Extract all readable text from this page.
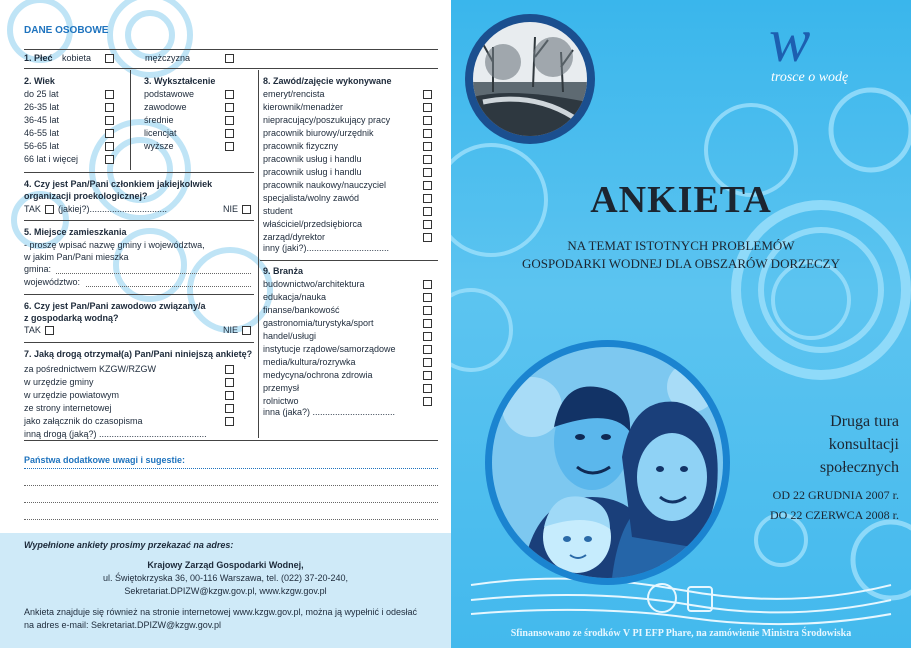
DANE OSOBOWE
1. Płeć kobieta	mężczyzna
2. Wiek
do 25 lat
26-35 lat
36-45 lat
46-55 lat
56-65 lat
66 lat i więcej
3. Wykształcenie
podstawowe
zawodowe
średnie
licencjat
wyższe
4. Czy jest Pan/Pani członkiem jakiejkolwiek
organizacji proekologicznej?
TAK (jakiej?)...............................	NIE
5. Miejsce zamieszkania
- proszę wpisać nazwę gminy i województwa,
w jakim Pan/Pani mieszka
gmina:
województwo:
6. Czy jest Pan/Pani zawodowo związany/a
z gospodarką wodną?
TAK	NIE
7. Jaką drogą otrzymał(a) Pan/Pani niniejszą ankietę?
za pośrednictwem KZGW/RZGW
w urzędzie gminy
w urzędzie powiatowym
ze strony internetowej
jako załącznik do czasopisma
inną drogą (jaką?) ...........................................
8. Zawód/zajęcie wykonywane
emeryt/rencista
kierownik/menadżer
niepracujący/poszukujący pracy
pracownik biurowy/urzędnik
pracownik fizyczny
pracownik usług i handlu
pracownik usług i handlu
pracownik naukowy/nauczyciel
specjalista/wolny zawód
student
właściciel/przedsiębiorca
zarząd/dyrektor
inny (jaki?).................................
9. Branża
budownictwo/architektura
edukacja/nauka
finanse/bankowość
gastronomia/turystyka/sport
handel/usługi
instytucje rządowe/samorządowe
media/kultura/rozrywka
medycyna/ochrona zdrowia
przemysł
rolnictwo
inna (jaka?) .................................
Państwa dodatkowe uwagi i sugestie:
Wypełnione ankiety prosimy przekazać na adres:
Krajowy Zarząd Gospodarki Wodnej,
ul. Świętokrzyska 36, 00-116 Warszawa, tel. (022) 37-20-240,
Sekretariat.DPIZW@kzgw.gov.pl, www.kzgw.gov.pl
Ankieta znajduje się również na stronie internetowej www.kzgw.gov.pl, można ją wypełnić i odesłać
na adres e-mail: Sekretariat.DPIZW@kzgw.gov.pl
w
trosce o wodę
ANKIETA
NA TEMAT ISTOTNYCH PROBLEMÓW
GOSPODARKI WODNEJ DLA OBSZARÓW DORZECZY
Druga tura
konsultacji
społecznych
OD 22 GRUDNIA 2007 r.
DO 22 CZERWCA 2008 r.
Sfinansowano ze środków V PI EFP Phare, na zamówienie Ministra Środowiska
